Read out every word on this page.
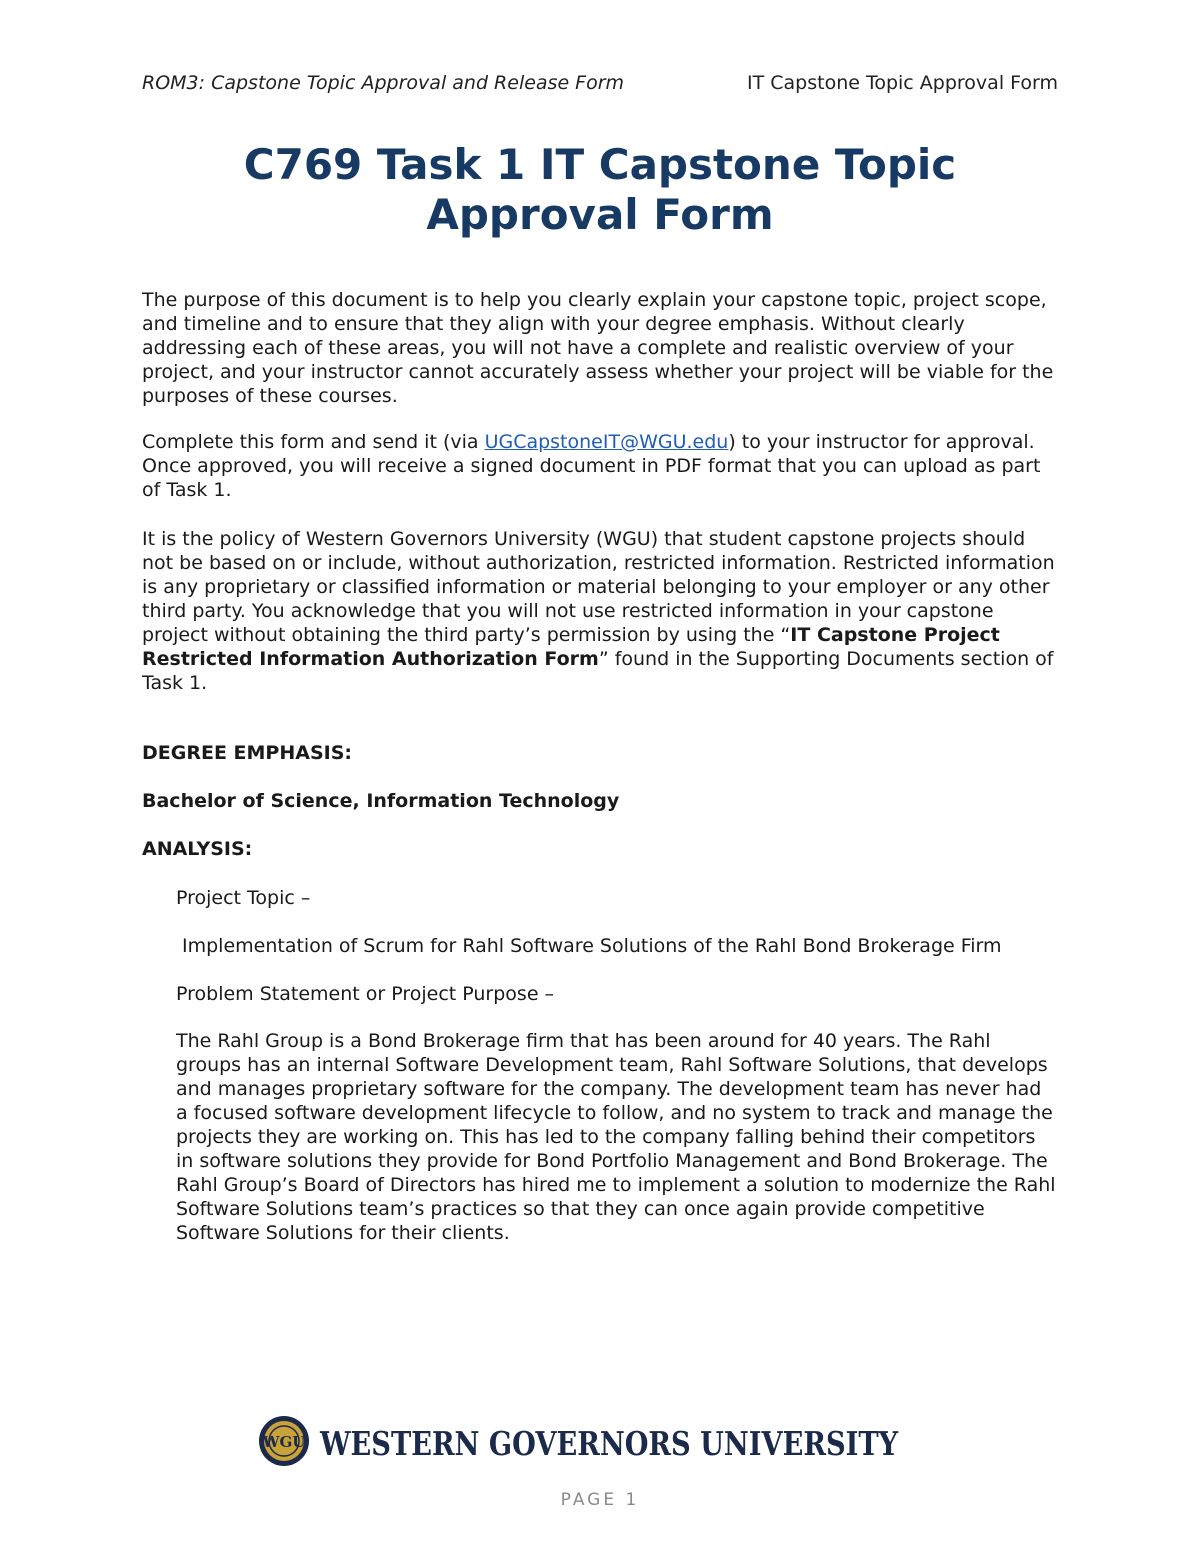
ROM3: Capstone Topic Approval and Release Form	IT Capstone Topic Approval Form
C769 Task 1 IT Capstone Topic
Approval Form
The purpose of this document is to help you clearly explain your capstone topic, project scope, and timeline and to ensure that they align with your degree emphasis. Without clearly addressing each of these areas, you will not have a complete and realistic overview of your project, and your instructor cannot accurately assess whether your project will be viable for the purposes of these courses.
Complete this form and send it (via UGCapstoneIT@WGU.edu) to your instructor for approval. Once approved, you will receive a signed document in PDF format that you can upload as part of Task 1.
It is the policy of Western Governors University (WGU) that student capstone projects should not be based on or include, without authorization, restricted information. Restricted information is any proprietary or classified information or material belonging to your employer or any other third party. You acknowledge that you will not use restricted information in your capstone project without obtaining the third party’s permission by using the “IT Capstone Project Restricted Information Authorization Form” found in the Supporting Documents section of Task 1.
DEGREE EMPHASIS:
Bachelor of Science, Information Technology
ANALYSIS:
Project Topic –
Implementation of Scrum for Rahl Software Solutions of the Rahl Bond Brokerage Firm
Problem Statement or Project Purpose –
The Rahl Group is a Bond Brokerage firm that has been around for 40 years. The Rahl groups has an internal Software Development team, Rahl Software Solutions, that develops and manages proprietary software for the company. The development team has never had a focused software development lifecycle to follow, and no system to track and manage the projects they are working on. This has led to the company falling behind their competitors in software solutions they provide for Bond Portfolio Management and Bond Brokerage. The Rahl Group’s Board of Directors has hired me to implement a solution to modernize the Rahl Software Solutions team’s practices so that they can once again provide competitive Software Solutions for their clients.
WGU WESTERN GOVERNORS UNIVERSITY
PAGE 1
